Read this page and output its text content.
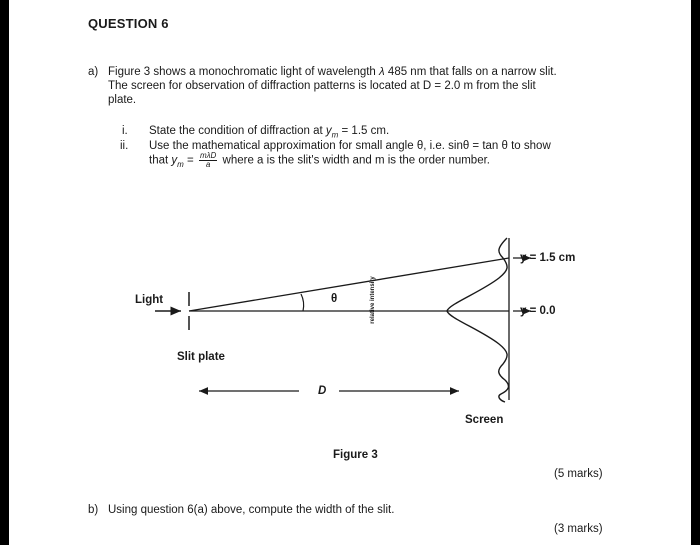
QUESTION 6
a) Figure 3 shows a monochromatic light of wavelength λ 485 nm that falls on a narrow slit.
The screen for observation of diffraction patterns is located at D = 2.0 m from the slit
plate.
i. State the condition of diffraction at $y_m = 1.5$ cm.
ii. Use the mathematical approximation for small angle θ, i.e. sinθ = tan θ to show
that $y_m = \frac{\text{mλD}}{a}$ where a is the slit's width and m is the order number.
Light	θ
Slit plate
D
Screen
y = 1.5 cm
y = 0.0
relative intensity
Figure 3
(5 marks)
b) Using question 6(a) above, compute the width of the slit.
(3 marks)
